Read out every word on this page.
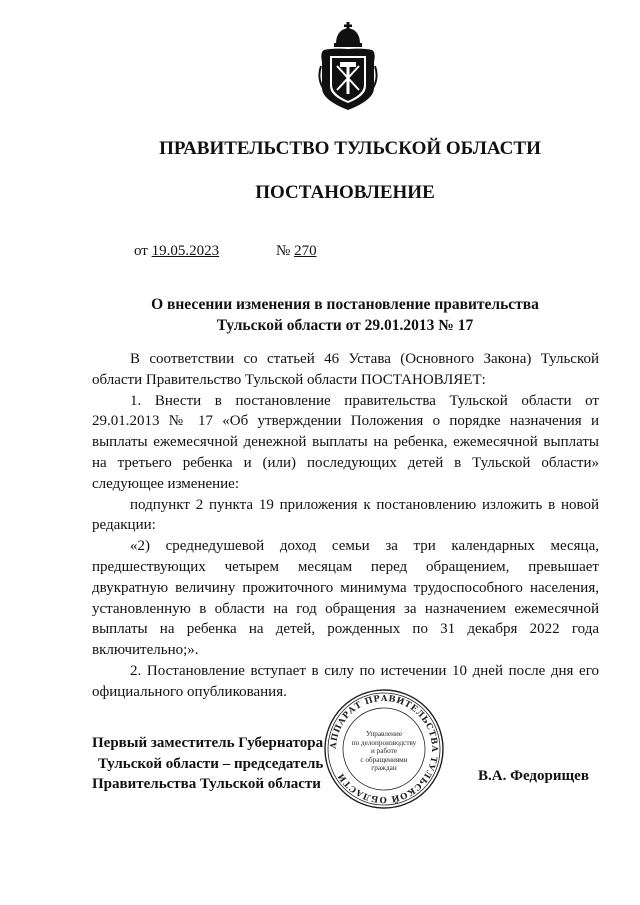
ПРАВИТЕЛЬСТВО ТУЛЬСКОЙ ОБЛАСТИ
ПОСТАНОВЛЕНИЕ
от 19.05.2023	№ 270
О внесении изменения в постановление правительства
Тульской области от 29.01.2013 № 17

В соответствии со статьей 46 Устава (Основного Закона) Тульской области Правительство Тульской области ПОСТАНОВЛЯЕТ:

1. Внести в постановление правительства Тульской области от 29.01.2013 № 17 «Об утверждении Положения о порядке назначения и выплаты ежемесячной денежной выплаты на ребенка, ежемесячной выплаты на третьего ребенка и (или) последующих детей в Тульской области» следующее изменение:

подпункт 2 пункта 19 приложения к постановлению изложить в новой редакции:

«2) среднедушевой доход семьи за три календарных месяца, предшествующих четырем месяцам перед обращением, превышает двукратную величину прожиточного минимума трудоспособного населения, установленную в области на год обращения за назначением ежемесячной выплаты на ребенка на детей, рожденных по 31 декабря 2022 года включительно;».

2. Постановление вступает в силу по истечении 10 дней после дня его официального опубликования.

АППАРАТ ПРАВИТЕЛЬСТВА ТУЛЬСКОЙ ОБЛАСТИ
Управление
по делопроизводству
и работе
с обращениями
граждан
Первый заместитель Губернатора
Тульской области – председатель
Правительства Тульской области	В.А. Федорищев
